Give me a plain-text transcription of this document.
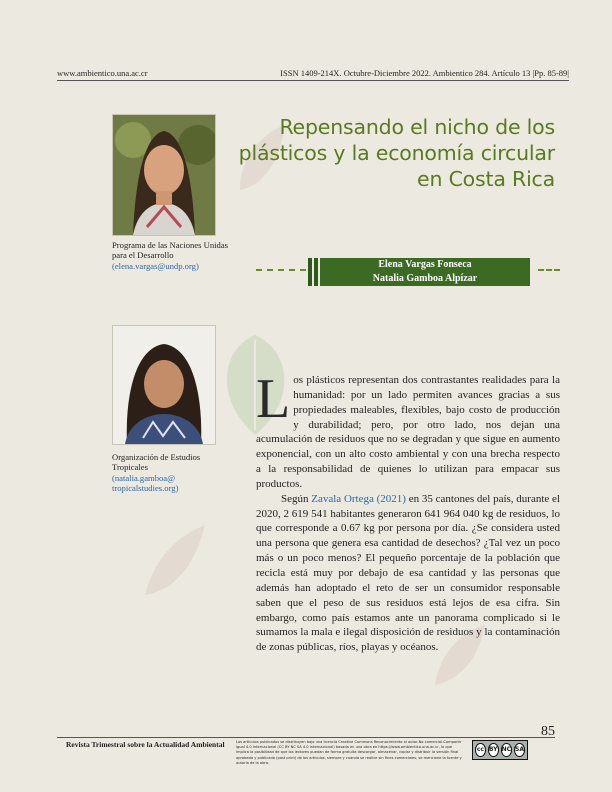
www.ambientico.una.ac.cr	ISSN 1409-214X. Octubre-Diciembre 2022. Ambientico 284. Artículo 13 |Pp. 85-89|
Programa de las Naciones Unidas para el Desarrollo
(elena.vargas@undp.org)
Organización de Estudios Tropicales
(natalia.gamboa@ tropicalstudies.org)
Repensando el nicho de los plásticos y la economía circular en Costa Rica
Elena Vargas Fonseca
Natalia Gamboa Alpízar

Los plásticos representan dos contrastantes realidades para la humanidad: por un lado permiten avances gracias a sus propiedades maleables, flexibles, bajo costo de producción y durabilidad; pero, por otro lado, nos dejan una acumulación de residuos que no se degradan y que sigue en aumento exponencial, con un alto costo ambiental y con una brecha respecto a la responsabilidad de quienes lo utilizan para empacar sus productos.

Según Zavala Ortega (2021) en 35 cantones del país, durante el 2020, 2 619 541 habitantes generaron 641 964 040 kg de residuos, lo que corresponde a 0.67 kg por persona por día. ¿Se considera usted una persona que genera esa cantidad de desechos? ¿Tal vez un poco más o un poco menos? El pequeño porcentaje de la población que recicla está muy por debajo de esa cantidad y las personas que además han adoptado el reto de ser un consumidor responsable saben que el peso de sus residuos está lejos de esa cifra. Sin embargo, como país estamos ante un panorama complicado si le sumamos la mala e ilegal disposición de residuos y la contaminación de zonas públicas, ríos, playas y océanos.

85
Revista Trimestral sobre la Actualidad Ambiental	Los artículos publicados se distribuyen bajo una licencia Creative Commons Reconocimiento al autor-No comercial-Compartir igual 4.0 Internacional (CC BY NC SA 4.0 Internacional) basada en una obra en https://www.ambientico.una.ac.cr, lo que implica la posibilidad de que los lectores puedan de forma gratuita descargar, almacenar, copiar y distribuir la versión final aprobada y publicada (post print) de los artículos, siempre y cuando se realice sin fines comerciales, se mencione la fuente y autoría de la obra.
cc BY NC SA
